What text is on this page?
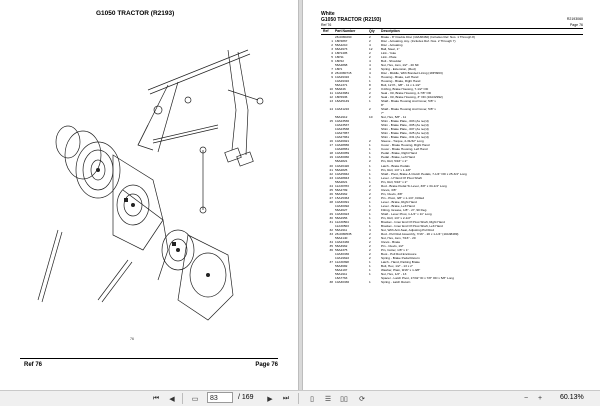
G1050 TRACTOR (R2193)
76
Ref 76	Page 76
White
G1050 TRACTOR (R2193)
Ref 76
R2193060
Page 76
Ref Part Number	Qty Description
28-0080290	2	Brake - 8" Double Disc (10A38460) (Includes Ref. Nos. 1 Through 8)
1 18P4867	2	Disc - Actuating, Asy. (Includes Ref. Nos. 2 Through 7)
2 58A4210	4	Disc - Actuating
3 68A4973	12	Ball, Steel, 1"
4 18P1405	2	Link - Yoke
5 18P11	2	Link - Plate
6 18P22	4	Bolt - Shoulder
58A4868	4	Nut, Hex, Jam, 1/2" - 20 NF
7 18P1	4	Spring - Extension, (Red)
8 28-0080715	4	Disc - Middle, With Bonded Lining (18P3963)
9 10A29316	1	Housing - Brake, Left Hand
10A29316	1	Housing - Brake, Right Hand
58A1371	8	Bolt, 12 Pt., 3/8" - 11 x 1-1/2"
10 58A646	2	O-Ring, Brake Housing, 7-1/2" OD
11 10A23981	2	Seal - Oil, Brake Housing, 2-7/8" OD
12 18P2936	2	Seal - Oil, Brake Housing, 3" OD (10A32992)
13 18A25149	1	Shaft - Brake Housing And Cover, 5/8" x
8"
14 10A31216	2	Shaft - Brake Housing And Cover, 5/8" x
7"
58A1912	10	Nut, Hex, 5/8" - 11
15 10A23536	Shim - Brake Plate, .003 (As req'd)
10A23537	Shim - Brake Plate, .005 (As req'd)
10A23538	Shim - Brake Plate, .007 (As req'd)
10A27957	Shim - Brake Plate, .025 (As req'd)
10A27961	Shim - Brake Plate, .031 (As req'd)
16 10A26921	2	Sleeve - Torque, 2-31/32" Long
17 10A28656	1	Cover - Brake Housing, Right Hand
10A28651	1	Cover - Brake Housing, Left Hand
18 10A30059	1	Pedal - Brake, Right Hand
19 10A30060	1	Pedal - Brake, Left Hand
58A2821	2	Pin, Roll, 5/16" x 2"
20 10A26420	1	Latch - Brake Pedals
21 58A2825	1	Pin, Roll, 1/4" x 1-1/8"
22 10A25842	1	Shaft - Pivot, Brake & Clutch Pedals, 7-1/4" OD x 25-3/4" Long
23 10A28843	1	Lever - LH End Of Pivot Shaft
58A2821	1	Pin, Roll, 5/16" x 2"
24 11A30783	2	Rod - Brake Pedal To Lever, 3/8" x 34-1/4" Long
25 58A4799	2	Clevis, 3/8"
26 58A3962	2	Pin, Clevis, 3/8"
27 15A15363	2	Pin - Pivot, 3/8" x 1-1/4", Drilled
28 10A30091	1	Lever - Brake, Right Hand
10A30092	1	Lever - Brake, Left Hand
58A4627	2	Fitting, Grease, 1/8" - 27, 90 Deg.
29 10A30923	1	Shaft - Lever Pivot, 1-1/4" x 11" Long
30 58A2956	1	Pin, Roll, 1/4" x 2-1/2"
31 11A30564	1	Bracket - Inner End Of Pivot Shaft, Right Hand
11A30563	1	Bracket - Inner End Of Pivot Shaft, Left Hand
32 58A1911	4	Nut, With Anti-Seat, Adjusting Pull Rod
33 28-0080535	2	Rod - Pull Rod Assembly, 7/16" - 20 x 1-1/4" (10A38489)
58A4140	2	Nut, Hex, Jam, 7/16" - 20
34 10A23436	2	Clevis - Brake
35 58A3962	2	Pin - Clevis, 1/2"
36 58A4375	2	Pin, Cotter, 1/8" x 1"
10A30336	2	Boot - Pull Rod Enclosure
10A19622	2	Spring - Brake Pedal Return
37 11A30398	1	Latch - Hand, Parking Brake
58A3682	1	Bolt, Hex, 1/2" - 13 x 2"
58A4197	1	Washer, Plain, 9/16" x 1-3/8"
58A1911	1	Nut, Hex, 1/2" - 13
18A7763	Spacer - Latch Pivot, 17/32" ID x 7/8" OD x 5/8" Long
38 10A30336	1	Spring - Latch Return
⏮	◀	▭	83	/ 169	▶	⏭	▯	☰	▯▯	⟳	−	+	60.13%
